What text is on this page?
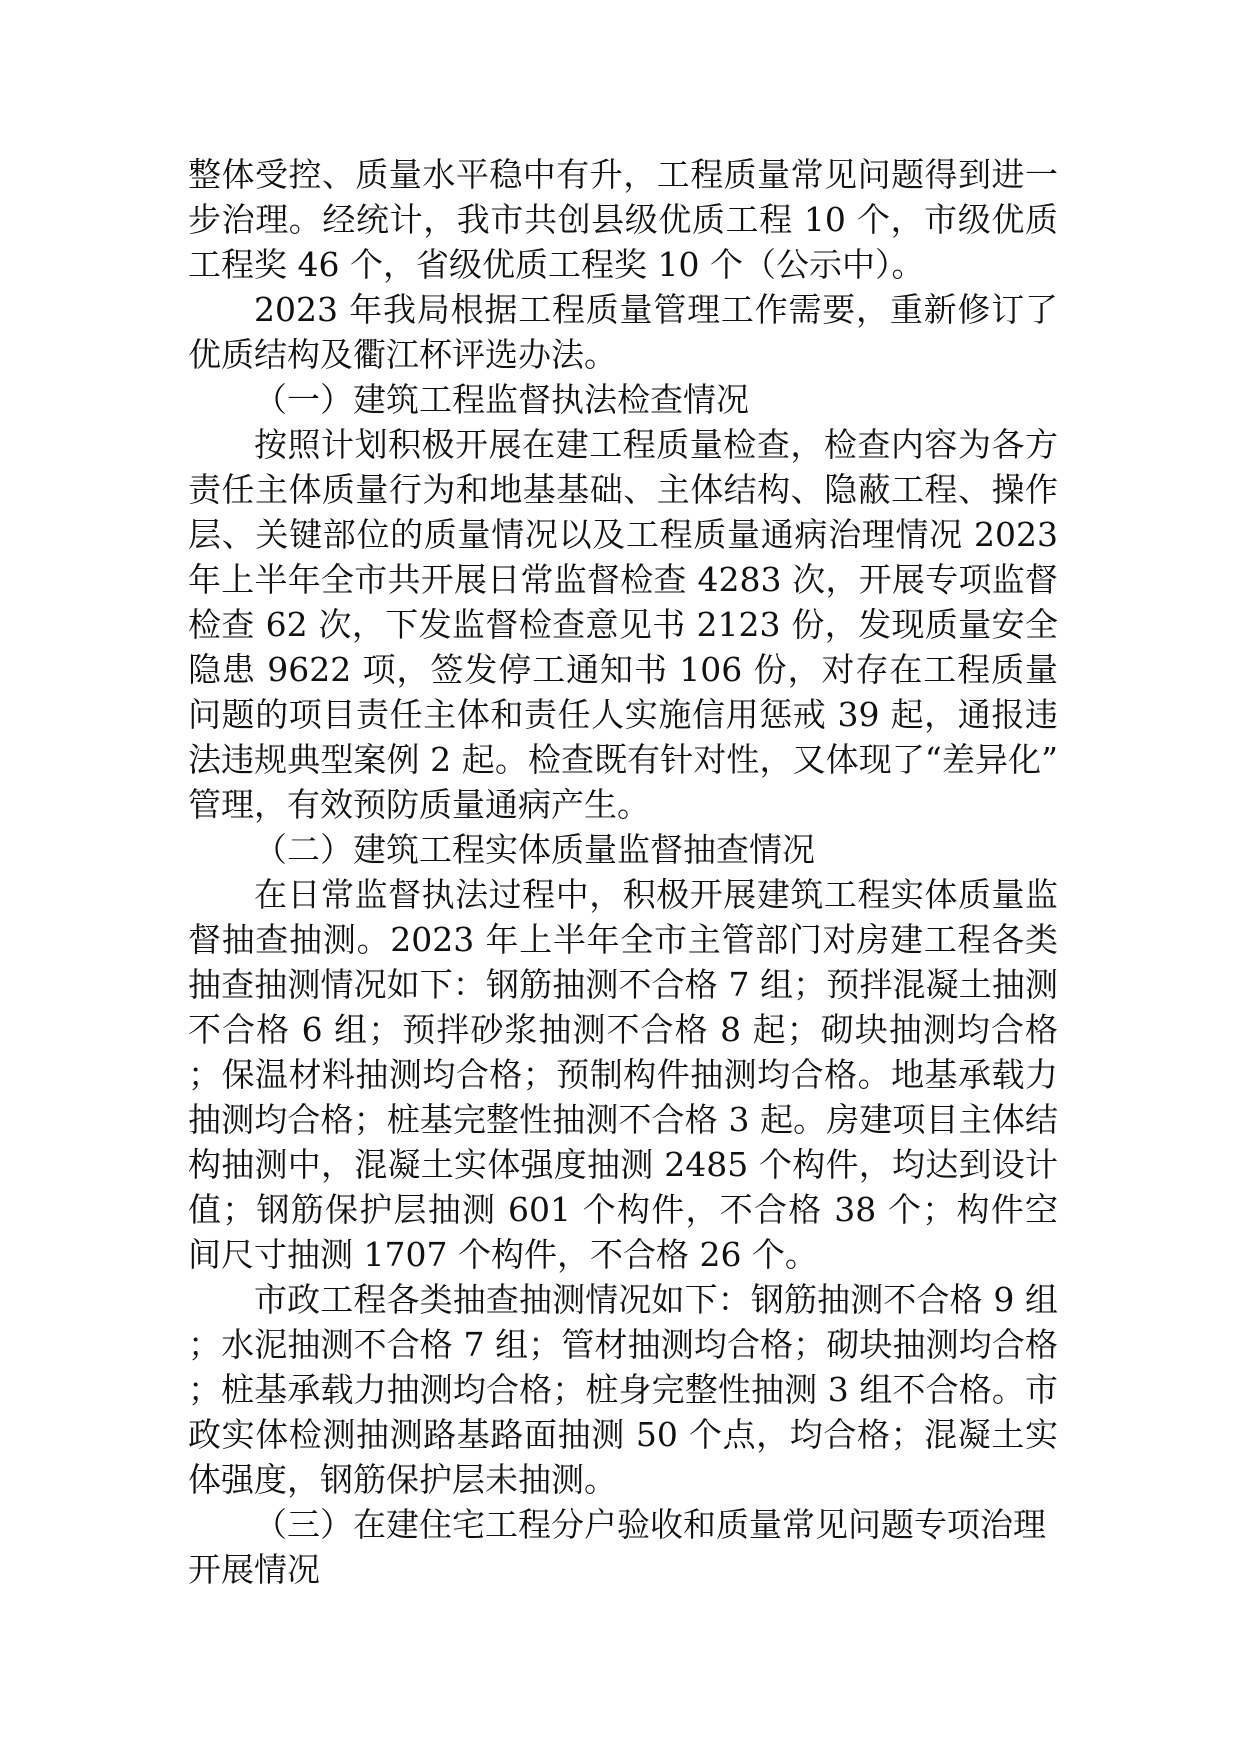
整体受控、质量水平稳中有升，工程质量常见问题得到进一步治理。经统计，我市共创县级优质工程 10 个，市级优质工程奖 46 个，省级优质工程奖 10 个（公示中）。

2023 年我局根据工程质量管理工作需要，重新修订了优质结构及衢江杯评选办法。

（一）建筑工程监督执法检查情况

按照计划积极开展在建工程质量检查，检查内容为各方责任主体质量行为和地基基础、主体结构、隐蔽工程、操作层、关键部位的质量情况以及工程质量通病治理情况 2023 年上半年全市共开展日常监督检查 4283 次，开展专项监督检查 62 次，下发监督检查意见书 2123 份，发现质量安全隐患 9622 项，签发停工通知书 106 份，对存在工程质量问题的项目责任主体和责任人实施信用惩戒 39 起，通报违法违规典型案例 2 起。检查既有针对性，又体现了“差异化”管理，有效预防质量通病产生。

（二）建筑工程实体质量监督抽查情况

在日常监督执法过程中，积极开展建筑工程实体质量监督抽查抽测。2023 年上半年全市主管部门对房建工程各类抽查抽测情况如下：钢筋抽测不合格 7 组；预拌混凝土抽测不合格 6 组；预拌砂浆抽测不合格 8 起；砌块抽测均合格；保温材料抽测均合格；预制构件抽测均合格。地基承载力抽测均合格；桩基完整性抽测不合格 3 起。房建项目主体结构抽测中，混凝土实体强度抽测 2485 个构件，均达到设计值；钢筋保护层抽测 601 个构件，不合格 38 个；构件空间尺寸抽测 1707 个构件，不合格 26 个。

市政工程各类抽查抽测情况如下：钢筋抽测不合格 9 组；水泥抽测不合格 7 组；管材抽测均合格；砌块抽测均合格；桩基承载力抽测均合格；桩身完整性抽测 3 组不合格。市政实体检测抽测路基路面抽测 50 个点，均合格；混凝土实体强度，钢筋保护层未抽测。

（三）在建住宅工程分户验收和质量常见问题专项治理开展情况
